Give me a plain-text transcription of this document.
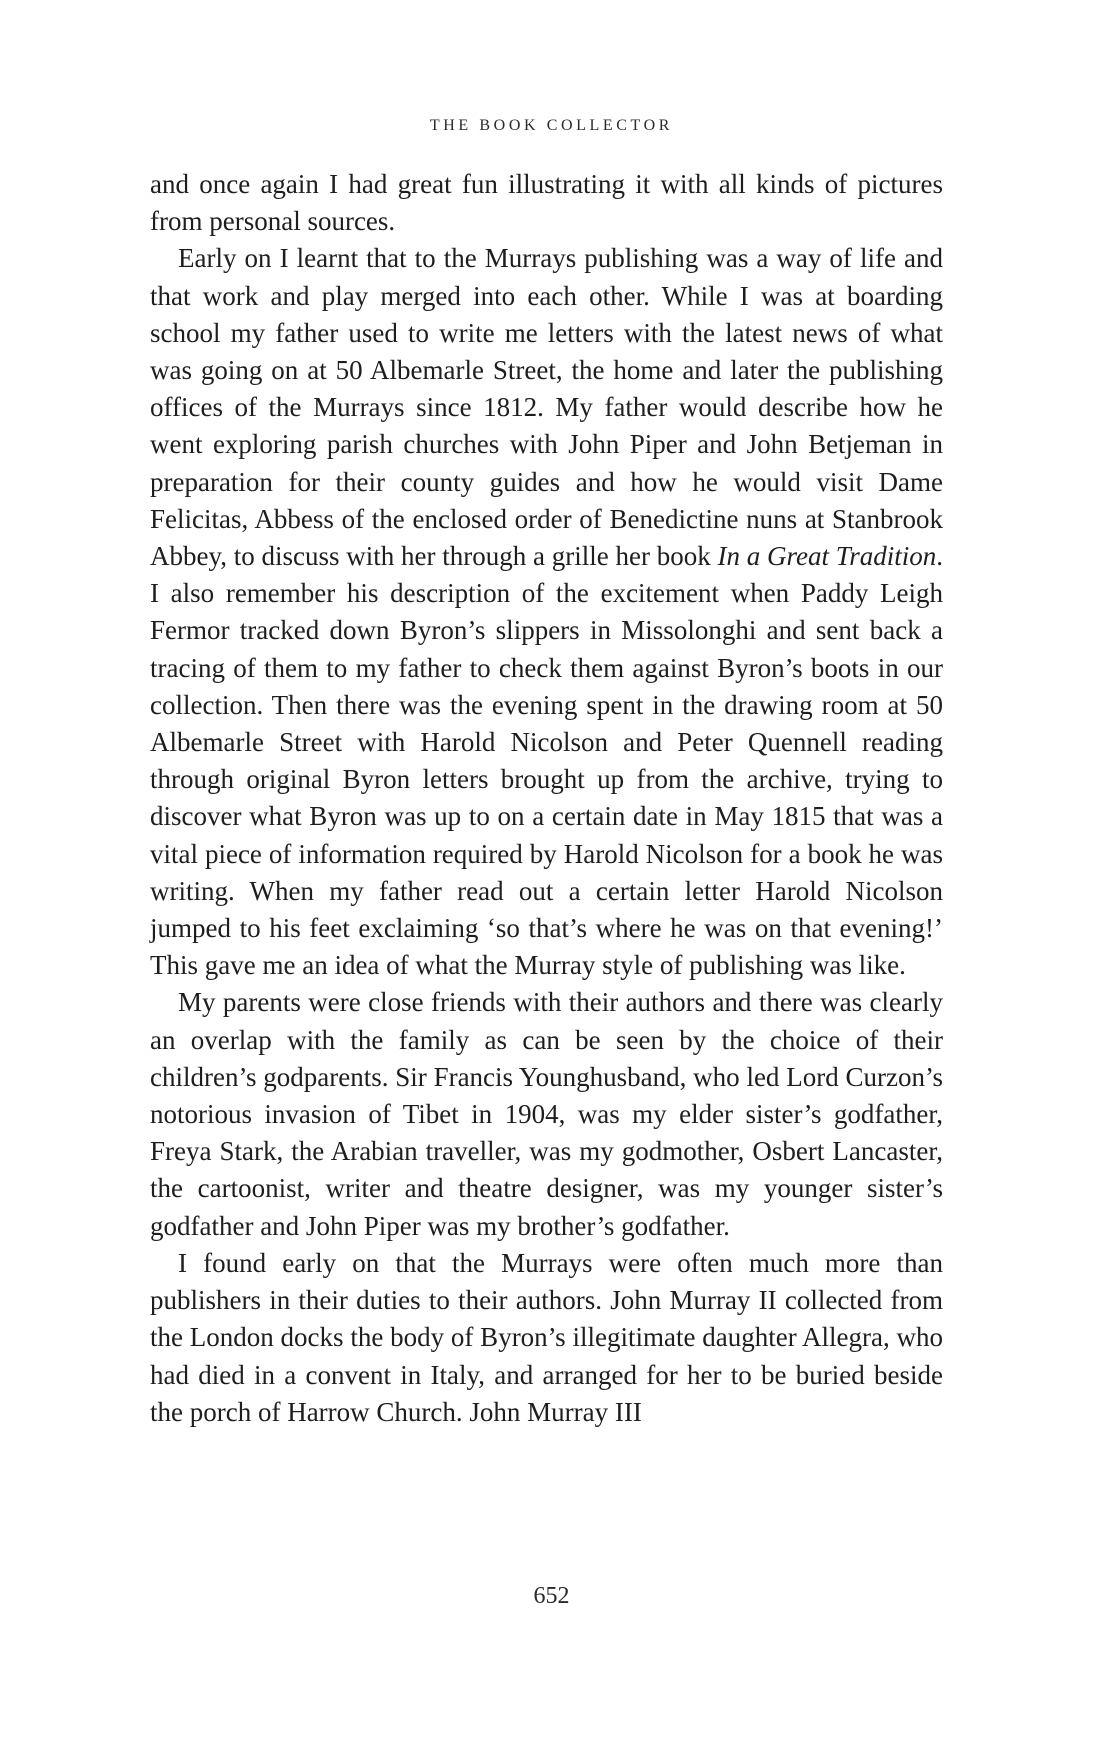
THE BOOK COLLECTOR

and once again I had great fun illustrating it with all kinds of pictures from personal sources.

Early on I learnt that to the Murrays publishing was a way of life and that work and play merged into each other. While I was at boarding school my father used to write me letters with the latest news of what was going on at 50 Albemarle Street, the home and later the publishing offices of the Murrays since 1812. My father would describe how he went exploring parish churches with John Piper and John Betjeman in preparation for their county guides and how he would visit Dame Felicitas, Abbess of the enclosed order of Benedictine nuns at Stanbrook Abbey, to discuss with her through a grille her book In a Great Tradition. I also remember his description of the excitement when Paddy Leigh Fermor tracked down Byron’s slippers in Missolonghi and sent back a tracing of them to my father to check them against Byron’s boots in our collection. Then there was the evening spent in the drawing room at 50 Albemarle Street with Harold Nicolson and Peter Quennell reading through original Byron letters brought up from the archive, trying to discover what Byron was up to on a certain date in May 1815 that was a vital piece of information required by Harold Nicolson for a book he was writing. When my father read out a certain letter Harold Nicolson jumped to his feet exclaiming ‘so that’s where he was on that evening!’ This gave me an idea of what the Murray style of publishing was like.

My parents were close friends with their authors and there was clearly an overlap with the family as can be seen by the choice of their children’s godparents. Sir Francis Younghusband, who led Lord Curzon’s notorious invasion of Tibet in 1904, was my elder sister’s godfather, Freya Stark, the Arabian traveller, was my godmother, Osbert Lancaster, the cartoonist, writer and theatre designer, was my younger sister’s godfather and John Piper was my brother’s godfather.

I found early on that the Murrays were often much more than publishers in their duties to their authors. John Murray II collected from the London docks the body of Byron’s illegitimate daughter Allegra, who had died in a convent in Italy, and arranged for her to be buried beside the porch of Harrow Church. John Murray III

652
